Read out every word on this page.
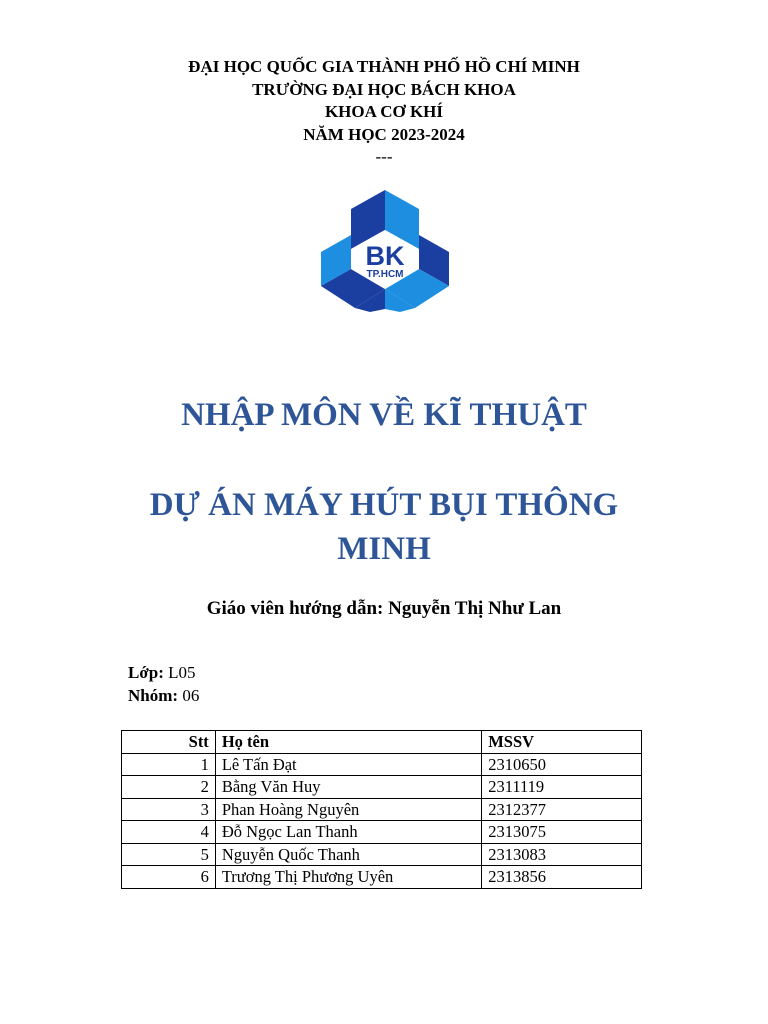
ĐẠI HỌC QUỐC GIA THÀNH PHỐ HỒ CHÍ MINH
TRƯỜNG ĐẠI HỌC BÁCH KHOA
KHOA CƠ KHÍ
NĂM HỌC 2023-2024
---
BK
TP.HCM
NHẬP MÔN VỀ KĨ THUẬT
DỰ ÁN MÁY HÚT BỤI THÔNG MINH
Giáo viên hướng dẫn: Nguyễn Thị Như Lan
Lớp: L05
Nhóm: 06
Stt	Họ tên	MSSV
1	Lê Tấn Đạt	2310650
2	Bằng Văn Huy	2311119
3	Phan Hoàng Nguyên	2312377
4	Đỗ Ngọc Lan Thanh	2313075
5	Nguyễn Quốc Thanh	2313083
6	Trương Thị Phương Uyên	2313856
